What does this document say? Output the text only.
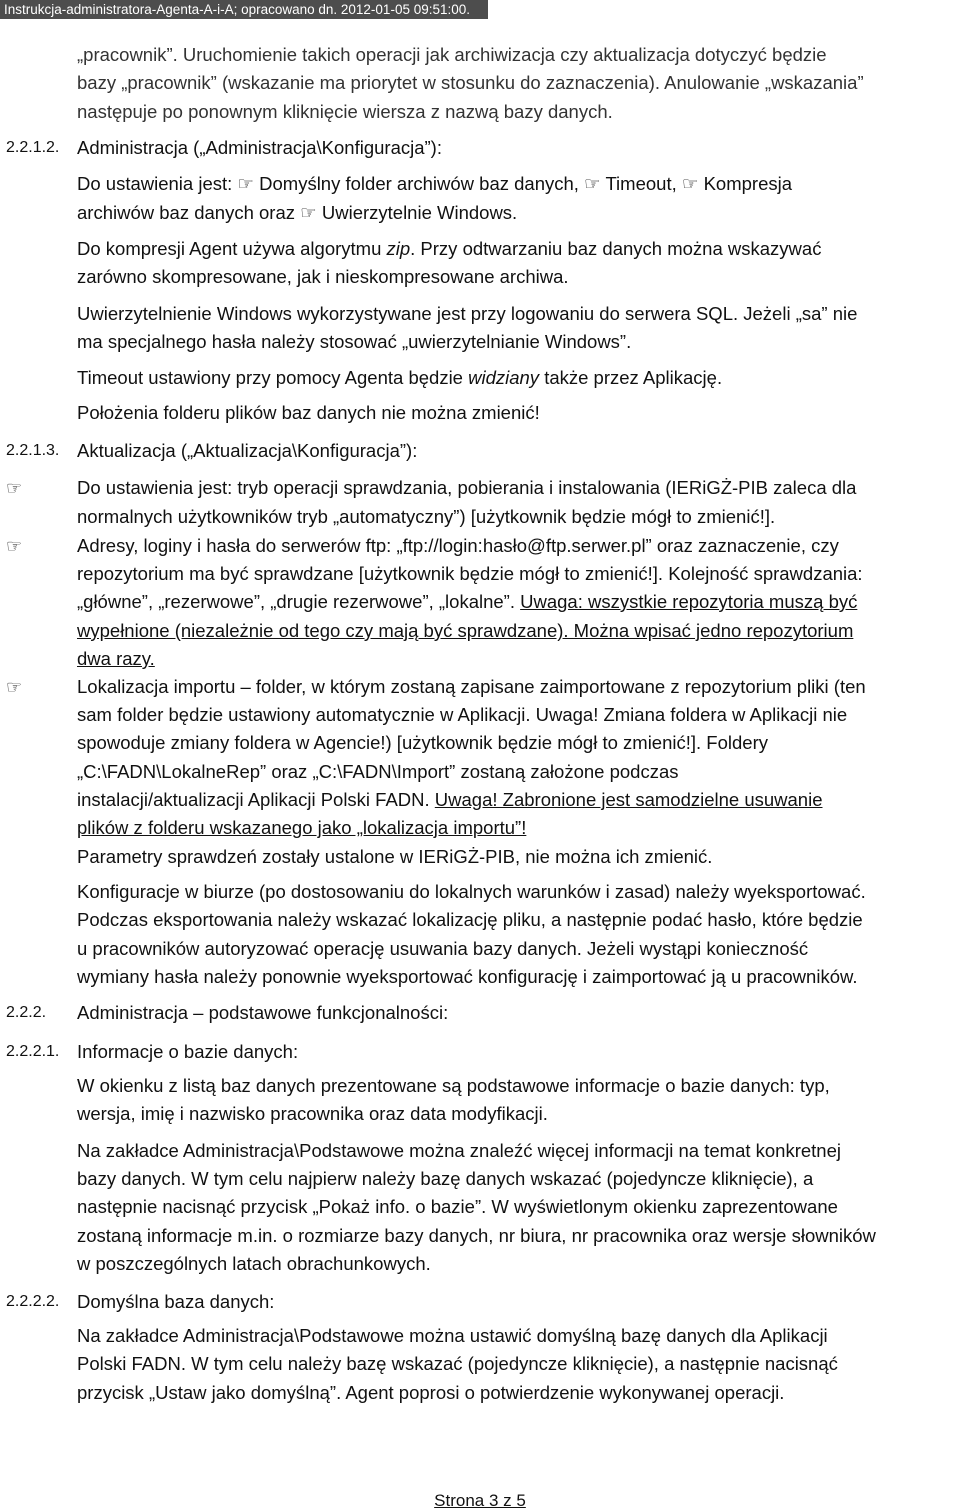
Instrukcja-administratora-Agenta-A-i-A; opracowano dn. 2012-01-05 09:51:00.
„pracownik”. Uruchomienie takich operacji jak archiwizacja czy aktualizacja dotyczyć będzie
bazy „pracownik” (wskazanie ma priorytet w stosunku do zaznaczenia). Anulowanie „wskazania”
następuje po ponownym kliknięcie wiersza z nazwą bazy danych.
2.2.1.2. Administracja („Administracja\Konfiguracja”):
Do ustawienia jest: ☞ Domyślny folder archiwów baz danych, ☞ Timeout, ☞ Kompresja
archiwów baz danych oraz ☞ Uwierzytelnie Windows.
Do kompresji Agent używa algorytmu zip. Przy odtwarzaniu baz danych można wskazywać
zarówno skompresowane, jak i nieskompresowane archiwa.
Uwierzytelnienie Windows wykorzystywane jest przy logowaniu do serwera SQL. Jeżeli „sa” nie
ma specjalnego hasła należy stosować „uwierzytelnianie Windows”.
Timeout ustawiony przy pomocy Agenta będzie widziany także przez Aplikację.
Położenia folderu plików baz danych nie można zmienić!
2.2.1.3. Aktualizacja („Aktualizacja\Konfiguracja”):
☞	Do ustawienia jest: tryb operacji sprawdzania, pobierania i instalowania (IERiGŻ-PIB zaleca dla
normalnych użytkowników tryb „automatyczny”) [użytkownik będzie mógł to zmienić!].
☞	Adresy, loginy i hasła do serwerów ftp: „ftp://login:hasło@ftp.serwer.pl” oraz zaznaczenie, czy
repozytorium ma być sprawdzane [użytkownik będzie mógł to zmienić!]. Kolejność sprawdzania:
„główne”, „rezerwowe”, „drugie rezerwowe”, „lokalne”. Uwaga: wszystkie repozytoria muszą być
wypełnione (niezależnie od tego czy mają być sprawdzane). Można wpisać jedno repozytorium
dwa razy.
☞	Lokalizacja importu – folder, w którym zostaną zapisane zaimportowane z repozytorium pliki (ten
sam folder będzie ustawiony automatycznie w Aplikacji. Uwaga! Zmiana foldera w Aplikacji nie
spowoduje zmiany foldera w Agencie!) [użytkownik będzie mógł to zmienić!]. Foldery
„C:\FADN\LokalneRep” oraz „C:\FADN\Import” zostaną założone podczas
instalacji/aktualizacji Aplikacji Polski FADN. Uwaga! Zabronione jest samodzielne usuwanie
plików z folderu wskazanego jako „lokalizacja importu”!
Parametry sprawdzeń zostały ustalone w IERiGŻ-PIB, nie można ich zmienić.
Konfiguracje w biurze (po dostosowaniu do lokalnych warunków i zasad) należy wyeksportować.
Podczas eksportowania należy wskazać lokalizację pliku, a następnie podać hasło, które będzie
u pracowników autoryzować operację usuwania bazy danych. Jeżeli wystąpi konieczność
wymiany hasła należy ponownie wyeksportować konfigurację i zaimportować ją u pracowników.
2.2.2. Administracja – podstawowe funkcjonalności:
2.2.2.1. Informacje o bazie danych:
W okienku z listą baz danych prezentowane są podstawowe informacje o bazie danych: typ,
wersja, imię i nazwisko pracownika oraz data modyfikacji.
Na zakładce Administracja\Podstawowe można znaleźć więcej informacji na temat konkretnej
bazy danych. W tym celu najpierw należy bazę danych wskazać (pojedyncze kliknięcie), a
następnie nacisnąć przycisk „Pokaż info. o bazie”. W wyświetlonym okienku zaprezentowane
zostaną informacje m.in. o rozmiarze bazy danych, nr biura, nr pracownika oraz wersje słowników
w poszczególnych latach obrachunkowych.
2.2.2.2. Domyślna baza danych:
Na zakładce Administracja\Podstawowe można ustawić domyślną bazę danych dla Aplikacji
Polski FADN. W tym celu należy bazę wskazać (pojedyncze kliknięcie), a następnie nacisnąć
przycisk „Ustaw jako domyślną”. Agent poprosi o potwierdzenie wykonywanej operacji.
Strona 3 z 5
